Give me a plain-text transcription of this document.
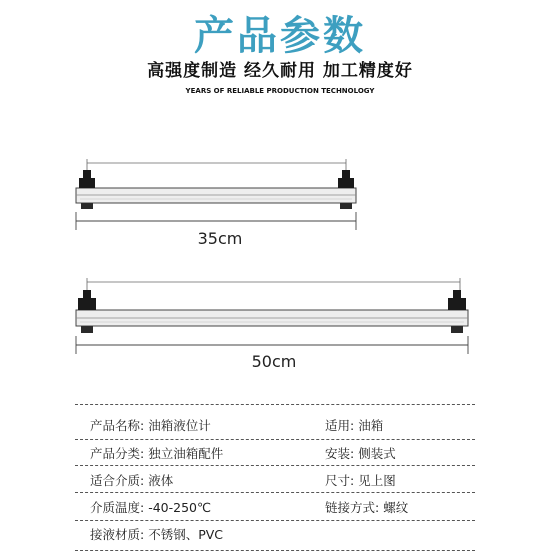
产品参数
高强度制造 经久耐用 加工精度好
YEARS OF RELIABLE PRODUCTION TECHNOLOGY
35cm
50cm
产品名称: 油箱液位计	适用: 油箱
产品分类: 独立油箱配件	安装: 侧装式
适合介质: 液体	尺寸: 见上图
介质温度: -40-250℃	链接方式: 螺纹
接液材质: 不锈钢、PVC
